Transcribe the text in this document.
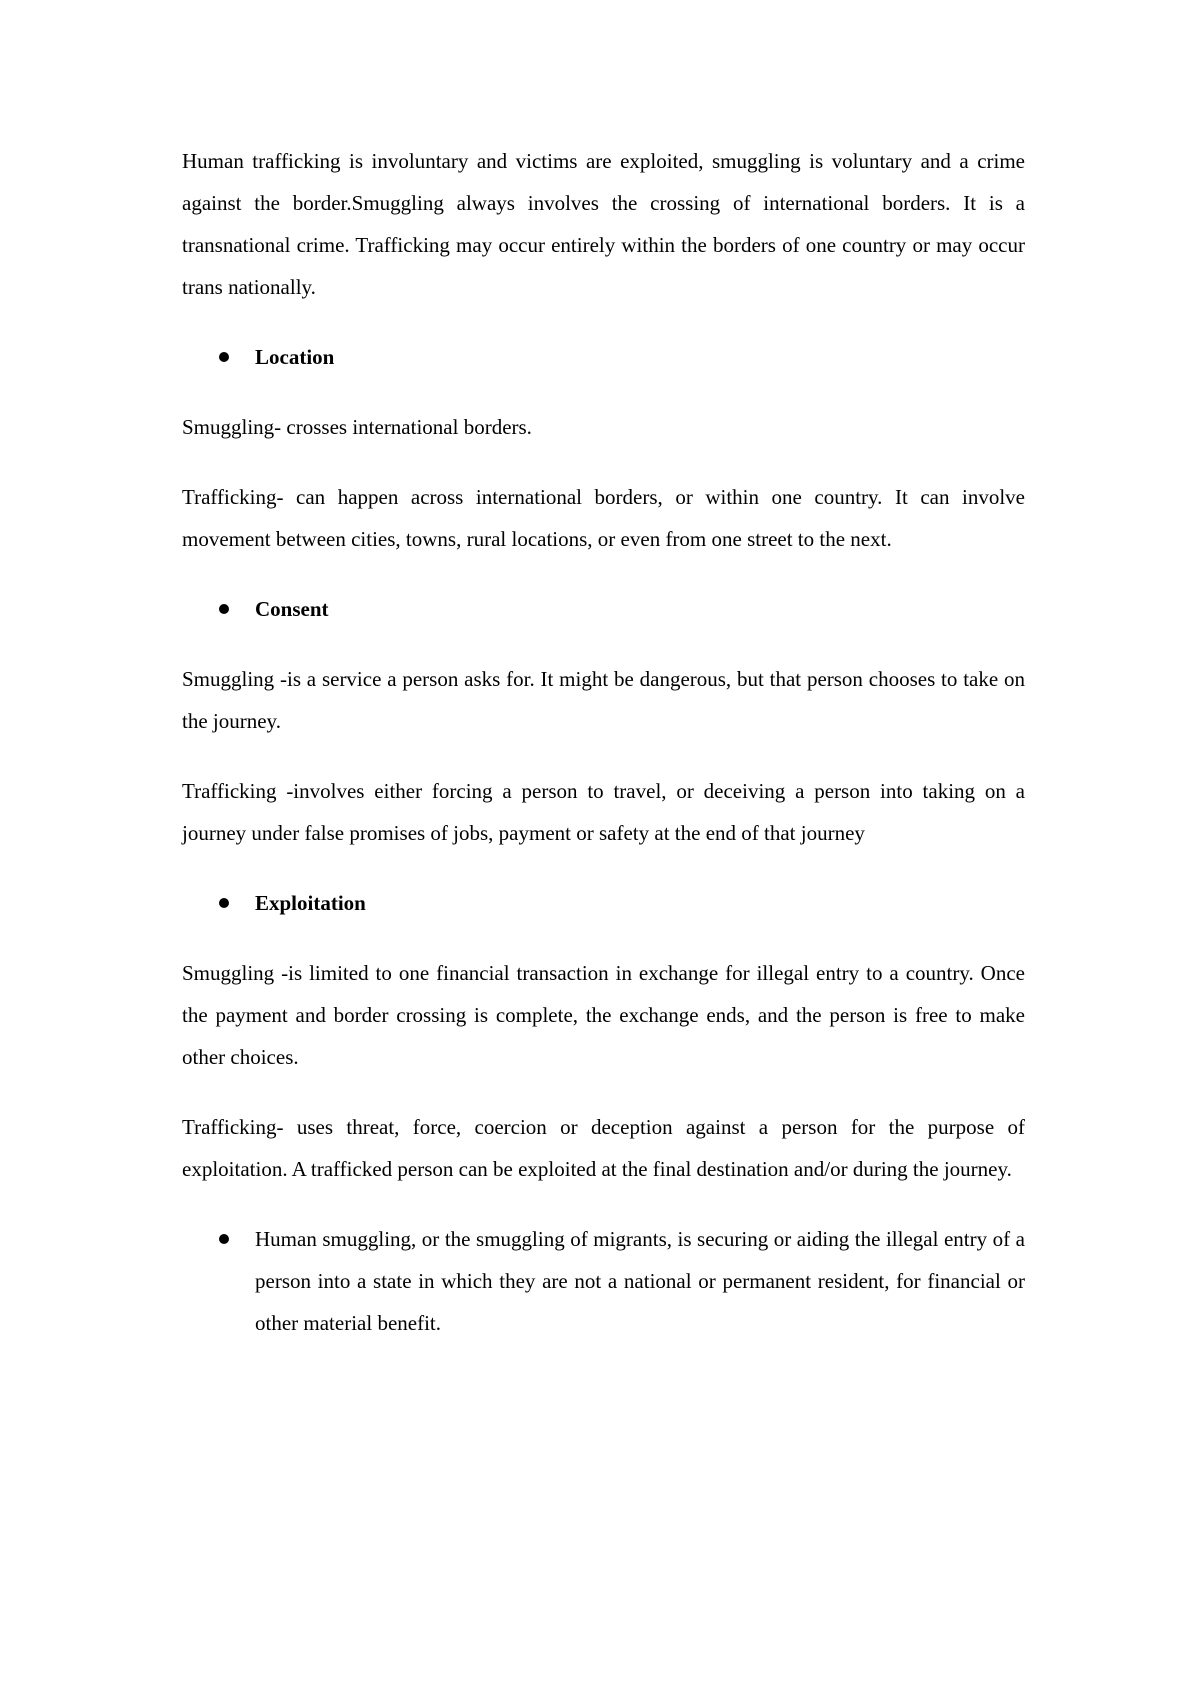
Human trafficking is involuntary and victims are exploited, smuggling is voluntary and a crime against the border.Smuggling always involves the crossing of international borders. It is a transnational crime. Trafficking may occur entirely within the borders of one country or may occur trans nationally.

Location

Smuggling- crosses international borders.

Trafficking- can happen across international borders, or within one country. It can involve movement between cities, towns, rural locations, or even from one street to the next.

Consent

Smuggling -is a service a person asks for. It might be dangerous, but that person chooses to take on the journey.

Trafficking -involves either forcing a person to travel, or deceiving a person into taking on a journey under false promises of jobs, payment or safety at the end of that journey

Exploitation

Smuggling -is limited to one financial transaction in exchange for illegal entry to a country. Once the payment and border crossing is complete, the exchange ends, and the person is free to make other choices.

Trafficking- uses threat, force, coercion or deception against a person for the purpose of exploitation. A trafficked person can be exploited at the final destination and/or during the journey.

Human smuggling, or the smuggling of migrants, is securing or aiding the illegal entry of a person into a state in which they are not a national or permanent resident, for financial or other material benefit.
